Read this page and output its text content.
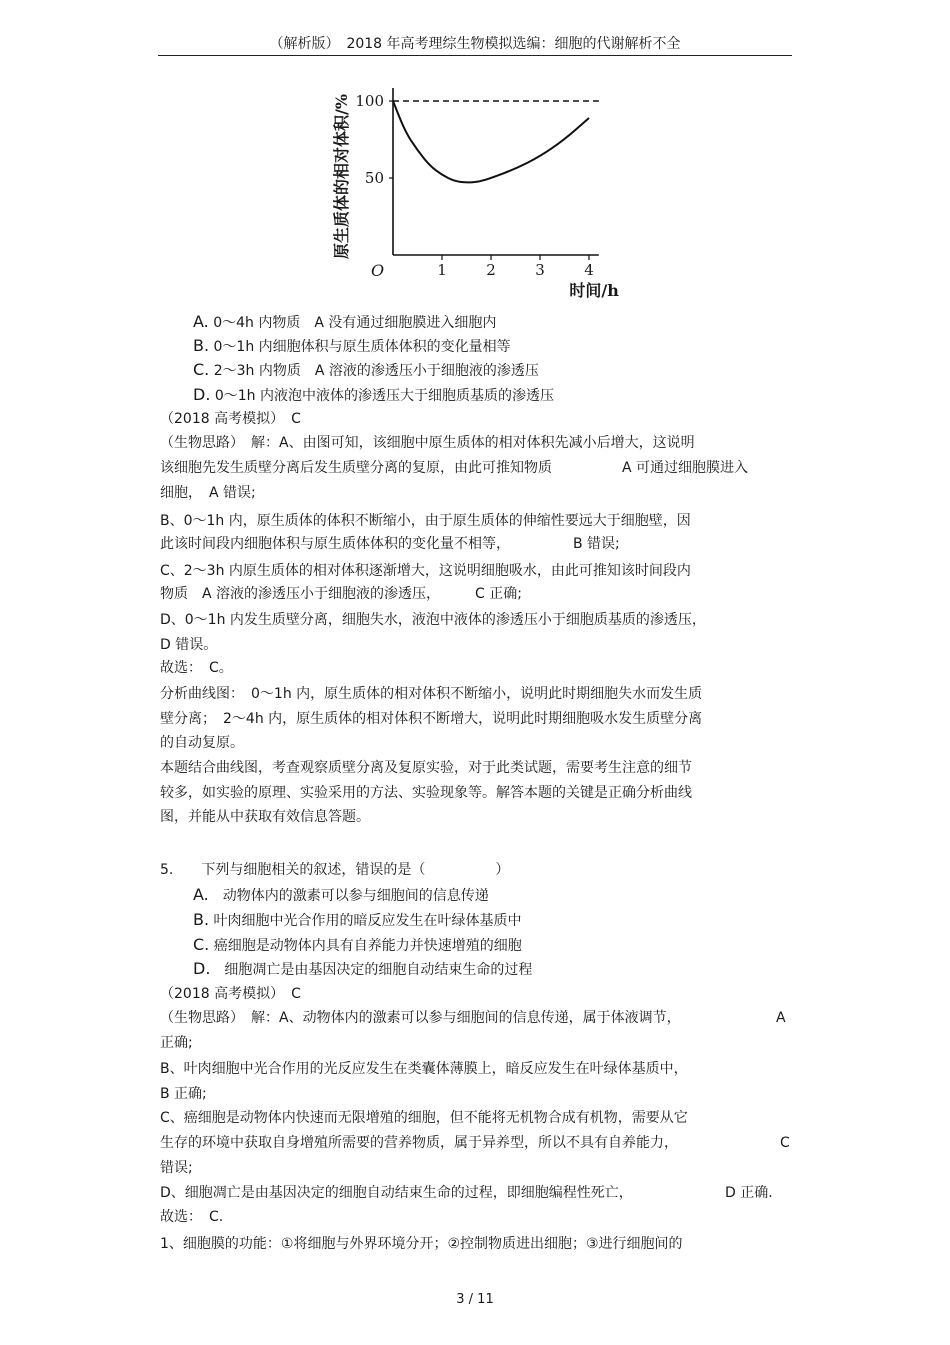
（解析版）　2018 年高考理综生物模拟选编：细胞的代谢解析不全
1	2	3	4
50
100
O
时间/h
原生质体的相对体积/%
A. 0～4h 内物质　A 没有通过细胞膜进入细胞内
B. 0～1h 内细胞体积与原生质体体积的变化量相等
C. 2～3h 内物质　A 溶液的渗透压小于细胞液的渗透压
D. 0～1h 内液泡中液体的渗透压大于细胞质基质的渗透压
（2018 高考模拟）　C
（生物思路）　解：A、由图可知，该细胞中原生质体的相对体积先减小后增大，这说明
该细胞先发生质壁分离后发生质壁分离的复原，由此可推知物质　　　　　A 可通过细胞膜进入
细胞，　A 错误;
B、0～1h 内，原生质体的体积不断缩小，由于原生质体的伸缩性要远大于细胞壁，因
此该时间段内细胞体积与原生质体体积的变化量不相等，　　　　　B 错误;
C、2～3h 内原生质体的相对体积逐渐增大，这说明细胞吸水，由此可推知该时间段内
物质　A 溶液的渗透压小于细胞液的渗透压，　　　C 正确;
D、0～1h 内发生质壁分离，细胞失水，液泡中液体的渗透压小于细胞质基质的渗透压，
D 错误。
故选：　C。
分析曲线图：　0～1h 内，原生质体的相对体积不断缩小，说明此时期细胞失水而发生质
壁分离；　2～4h 内，原生质体的相对体积不断增大，说明此时期细胞吸水发生质壁分离
的自动复原。
本题结合曲线图，考查观察质壁分离及复原实验，对于此类试题，需要考生注意的细节
较多，如实验的原理、实验采用的方法、实验现象等。解答本题的关键是正确分析曲线
图，并能从中获取有效信息答题。
5.　　下列与细胞相关的叙述，错误的是（　　　　　）
A.　动物体内的激素可以参与细胞间的信息传递
B. 叶肉细胞中光合作用的暗反应发生在叶绿体基质中
C. 癌细胞是动物体内具有自养能力并快速增殖的细胞
D.　细胞凋亡是由基因决定的细胞自动结束生命的过程
（2018 高考模拟）　C
（生物思路）　解：A、动物体内的激素可以参与细胞间的信息传递，属于体液调节，	A
正确;
B、叶肉细胞中光合作用的光反应发生在类囊体薄膜上，暗反应发生在叶绿体基质中，
B 正确;
C、癌细胞是动物体内快速而无限增殖的细胞，但不能将无机物合成有机物，需要从它
生存的环境中获取自身增殖所需要的营养物质，属于异养型，所以不具有自养能力，	C
错误;
D、细胞凋亡是由基因决定的细胞自动结束生命的过程，即细胞编程性死亡，	D 正确.
故选：　C.
1、细胞膜的功能：①将细胞与外界环境分开；②控制物质进出细胞；③进行细胞间的
3 / 11
